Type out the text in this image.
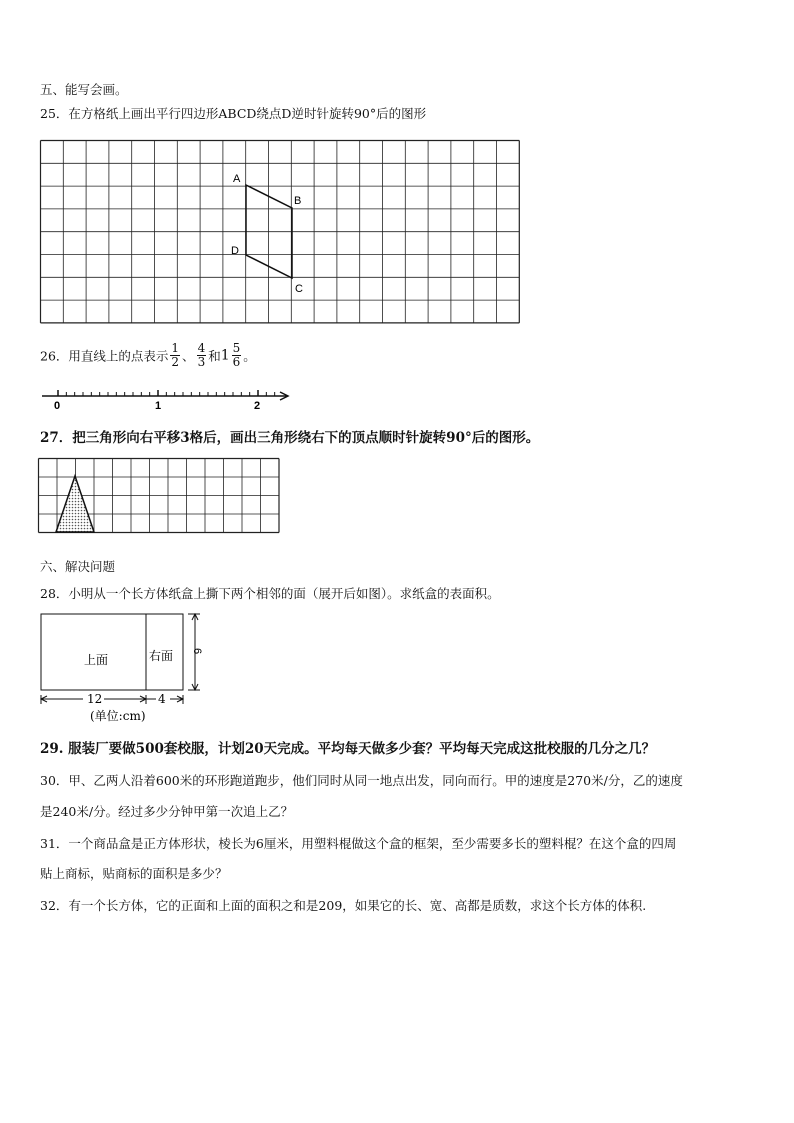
五、能写会画。
25．在方格纸上画出平行四边形ABCD绕点D逆时针旋转90°后的图形
A
B
C
D
26．用直线上的点表示 $\frac{1}{2}$ 、 $\frac{4}{3}$ 和$1 \frac{5}{6}$ 。
0	1	2
27．把三角形向右平移3格后，画出三角形绕右下的顶点顺时针旋转90°后的图形。
六、解决问题
28．小明从一个长方体纸盒上撕下两个相邻的面（展开后如图）。求纸盒的表面积。
上面	右面 6
12	4
(单位:cm)
29. 服装厂要做500套校服，计划20天完成。平均每天做多少套？平均每天完成这批校服的几分之几？
30．甲、乙两人沿着600米的环形跑道跑步，他们同时从同一地点出发，同向而行。甲的速度是270米/分，乙的速度
是240米/分。经过多少分钟甲第一次追上乙？
31．一个商品盒是正方体形状，棱长为6厘米，用塑料棍做这个盒的框架，至少需要多长的塑料棍？在这个盒的四周
贴上商标，贴商标的面积是多少？
32．有一个长方体，它的正面和上面的面积之和是209，如果它的长、宽、高都是质数，求这个长方体的体积.
